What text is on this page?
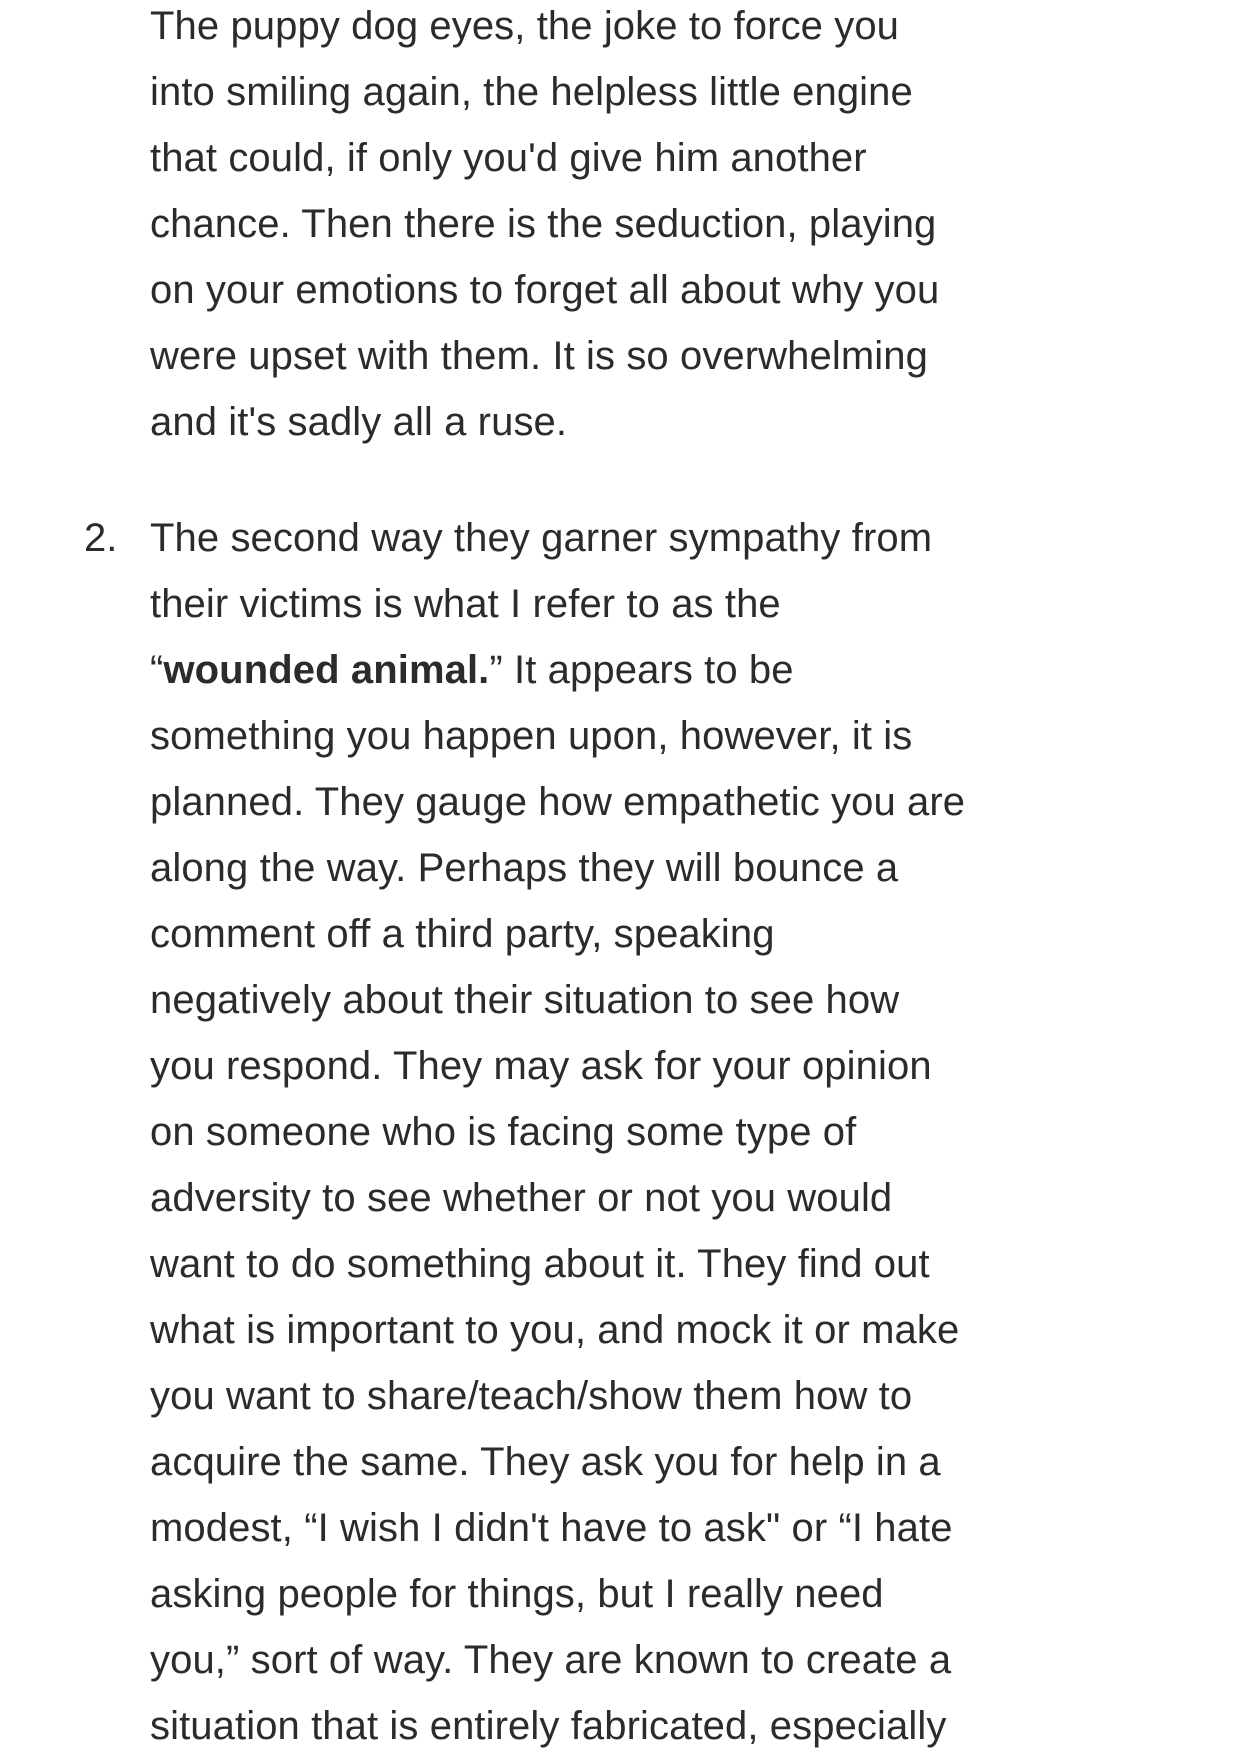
The puppy dog eyes, the joke to force you
into smiling again, the helpless little engine
that could, if only you'd give him another
chance. Then there is the seduction, playing
on your emotions to forget all about why you
were upset with them. It is so overwhelming
and it's sadly all a ruse.
2. The second way they garner sympathy from
their victims is what I refer to as the
“wounded animal.” It appears to be
something you happen upon, however, it is
planned. They gauge how empathetic you are
along the way. Perhaps they will bounce a
comment off a third party, speaking
negatively about their situation to see how
you respond. They may ask for your opinion
on someone who is facing some type of
adversity to see whether or not you would
want to do something about it. They find out
what is important to you, and mock it or make
you want to share/teach/show them how to
acquire the same. They ask you for help in a
modest, “I wish I didn't have to ask" or “I hate
asking people for things, but I really need
you,” sort of way. They are known to create a
situation that is entirely fabricated, especially
